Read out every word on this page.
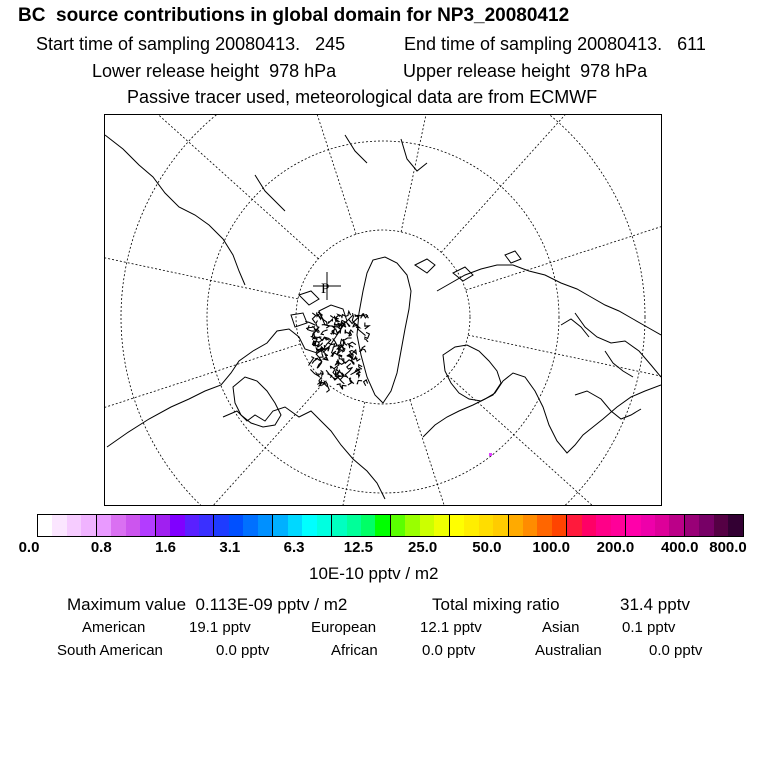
BC  source contributions in global domain for NP3_20080412
Start time of sampling 20080413.   245	End time of sampling 20080413.   611
Lower release height  978 hPa	Upper release height  978 hPa
Passive tracer used, meteorological data are from ECMWF
P
0.0	0.8	1.6	3.1	6.3	12.5 25.0 50.0 100.0 200.0 400.0 800.0
10E-10 pptv / m2
Maximum value  0.113E-09 pptv / m2	Total mixing ratio	31.4 pptv
American	19.1 pptv	European	12.1 pptv	Asian	0.1 pptv
South American	0.0 pptv	African	0.0 pptv	Australian	0.0 pptv
